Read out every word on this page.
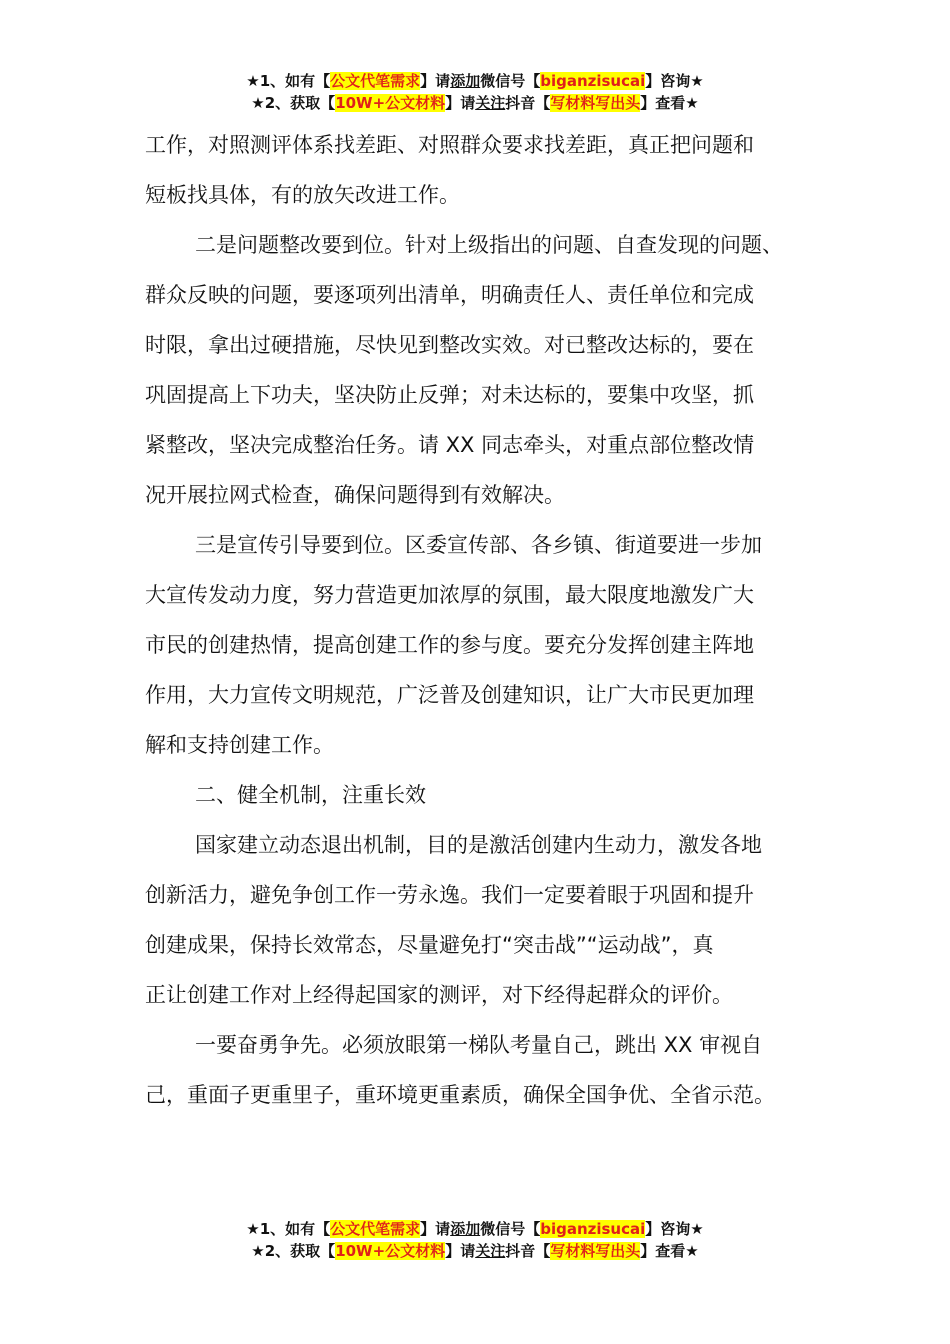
★1、如有【公文代笔需求】请添加微信号【biganzisucai】咨询★
★2、获取【10W+公文材料】请关注抖音【写材料写出头】查看★
工作，对照测评体系找差距、对照群众要求找差距，真正把问题和
短板找具体，有的放矢改进工作。
二是问题整改要到位。针对上级指出的问题、自查发现的问题、
群众反映的问题，要逐项列出清单，明确责任人、责任单位和完成
时限，拿出过硬措施，尽快见到整改实效。对已整改达标的，要在
巩固提高上下功夫，坚决防止反弹；对未达标的，要集中攻坚，抓
紧整改，坚决完成整治任务。请 XX 同志牵头，对重点部位整改情
况开展拉网式检查，确保问题得到有效解决。
三是宣传引导要到位。区委宣传部、各乡镇、街道要进一步加
大宣传发动力度，努力营造更加浓厚的氛围，最大限度地激发广大
市民的创建热情，提高创建工作的参与度。要充分发挥创建主阵地
作用，大力宣传文明规范，广泛普及创建知识，让广大市民更加理
解和支持创建工作。
二、健全机制，注重长效
国家建立动态退出机制，目的是激活创建内生动力，激发各地
创新活力，避免争创工作一劳永逸。我们一定要着眼于巩固和提升
创建成果，保持长效常态，尽量避免打“突击战”“运动战”，真
正让创建工作对上经得起国家的测评，对下经得起群众的评价。
一要奋勇争先。必须放眼第一梯队考量自己，跳出 XX 审视自
己，重面子更重里子，重环境更重素质，确保全国争优、全省示范。
★1、如有【公文代笔需求】请添加微信号【biganzisucai】咨询★
★2、获取【10W+公文材料】请关注抖音【写材料写出头】查看★
